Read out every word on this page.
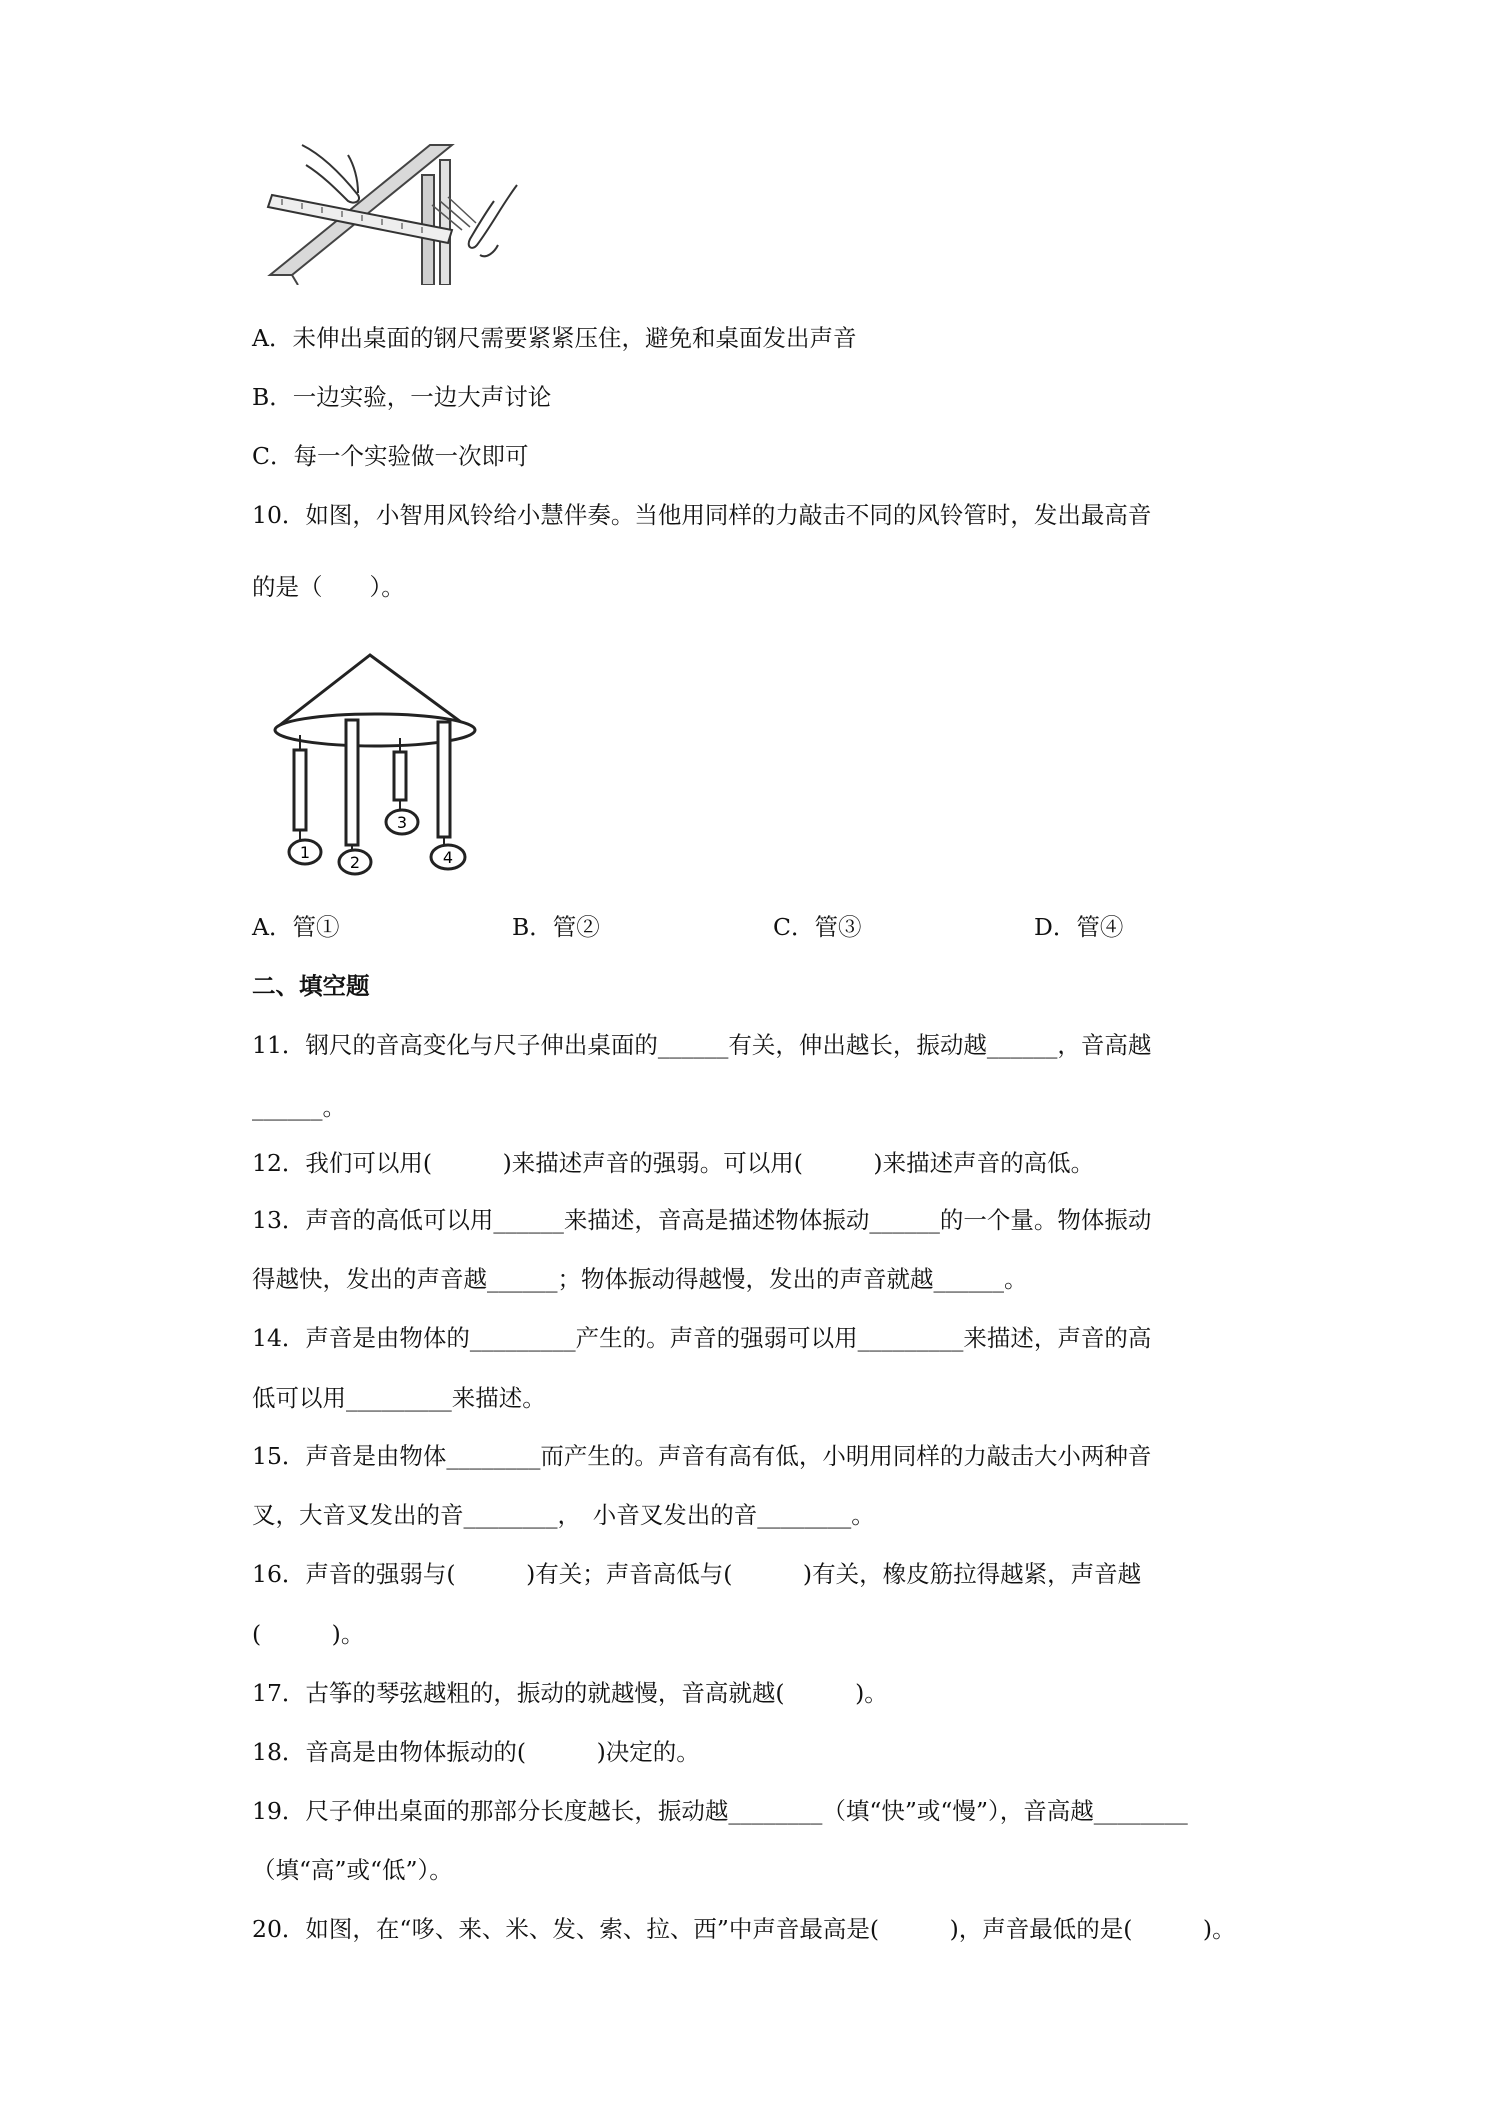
A．未伸出桌面的钢尺需要紧紧压住，避免和桌面发出声音
B．一边实验，一边大声讨论
C．每一个实验做一次即可
10．如图，小智用风铃给小慧伴奏。当他用同样的力敲击不同的风铃管时，发出最高音
的是（　　）。
1
2
3
4
A．管①	B．管②	C．管③	D．管④
二、填空题
11．钢尺的音高变化与尺子伸出桌面的______有关，伸出越长，振动越______，音高越
______。
12．我们可以用(　　　)来描述声音的强弱。可以用(　　　)来描述声音的高低。
13．声音的高低可以用______来描述，音高是描述物体振动______的一个量。物体振动
得越快，发出的声音越______；物体振动得越慢，发出的声音就越______。
14．声音是由物体的_________产生的。声音的强弱可以用_________来描述，声音的高
低可以用_________来描述。
15．声音是由物体________而产生的。声音有高有低，小明用同样的力敲击大小两种音
叉，大音叉发出的音________，　小音叉发出的音________。
16．声音的强弱与(　　　)有关；声音高低与(　　　)有关，橡皮筋拉得越紧，声音越
(　　　)。
17．古筝的琴弦越粗的，振动的就越慢，音高就越(　　　)。
18．音高是由物体振动的(　　　)决定的。
19．尺子伸出桌面的那部分长度越长，振动越________（填“快”或“慢”），音高越________
（填“高”或“低”）。
20．如图，在“哆、来、米、发、索、拉、西”中声音最高是(　　　)，声音最低的是(　　　)。
